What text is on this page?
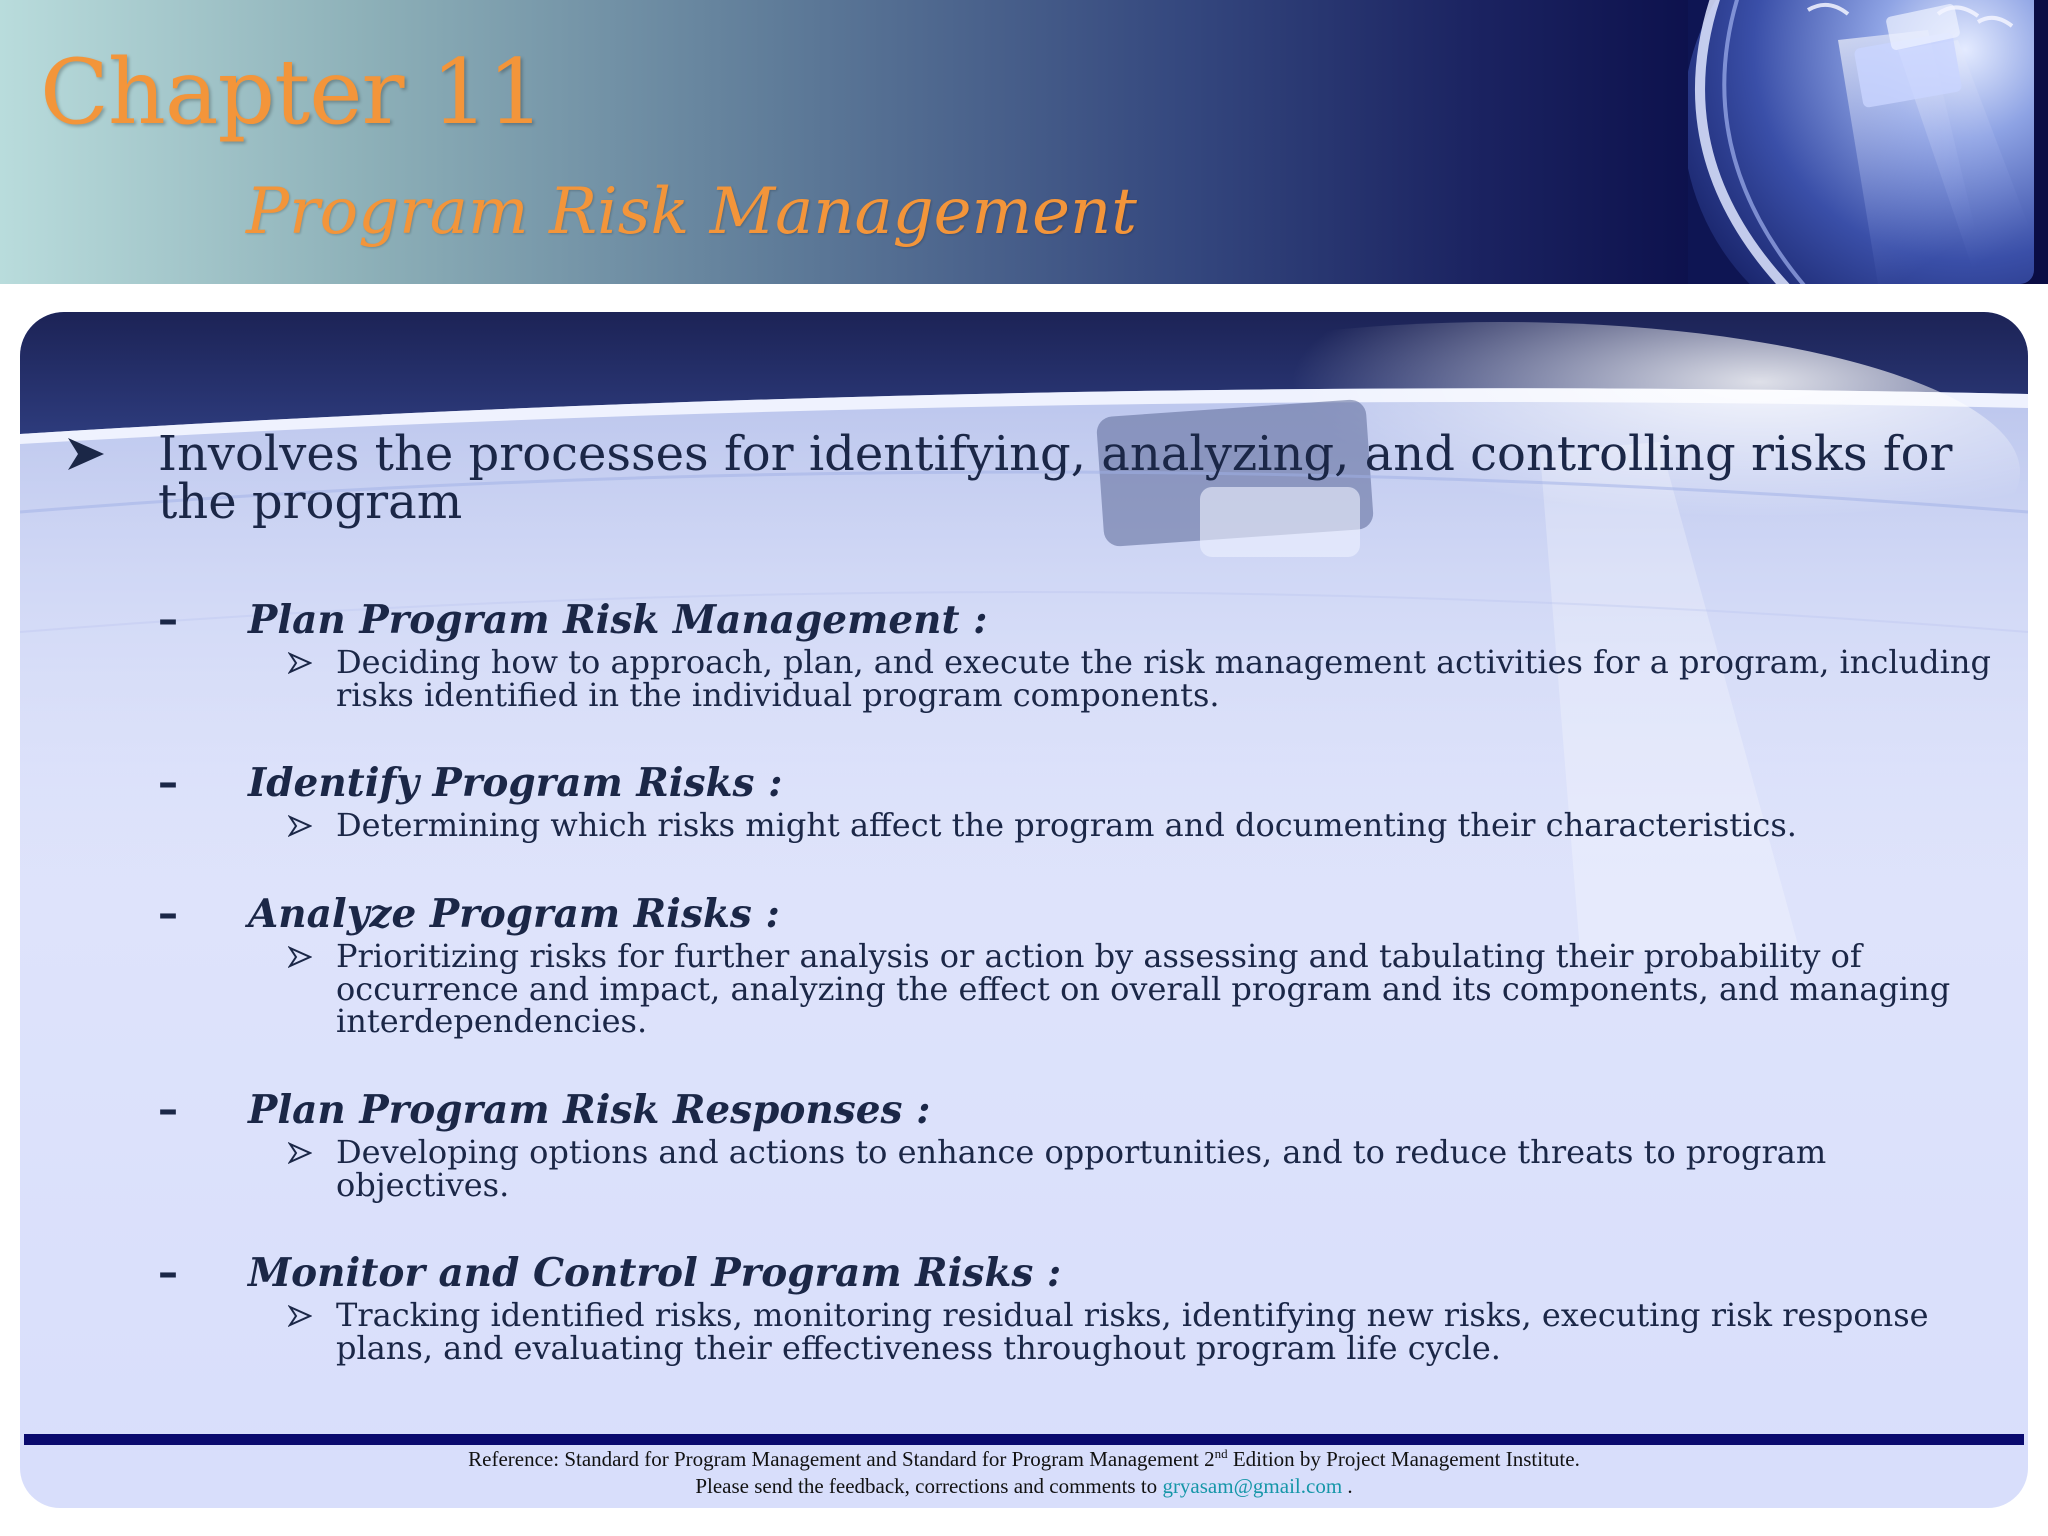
Chapter 11
Program Risk Management
Involves the processes for identifying, analyzing, and controlling risks for the program
– Plan Program Risk Management :
Deciding how to approach, plan, and execute the risk management activities for a program, including risks identified in the individual program components.
– Identify Program Risks :
Determining which risks might affect the program and documenting their characteristics.
– Analyze Program Risks :
Prioritizing risks for further analysis or action by assessing and tabulating their probability of occurrence and impact, analyzing the effect on overall program and its components, and managing interdependencies.
– Plan Program Risk Responses :
Developing options and actions to enhance opportunities, and to reduce threats to program objectives.
– Monitor and Control Program Risks :
Tracking identified risks, monitoring residual risks, identifying new risks, executing risk response plans, and evaluating their effectiveness throughout program life cycle.
Reference: Standard for Program Management and Standard for Program Management 2nd Edition by Project Management Institute.
Please send the feedback, corrections and comments to gryasam@gmail.com .
